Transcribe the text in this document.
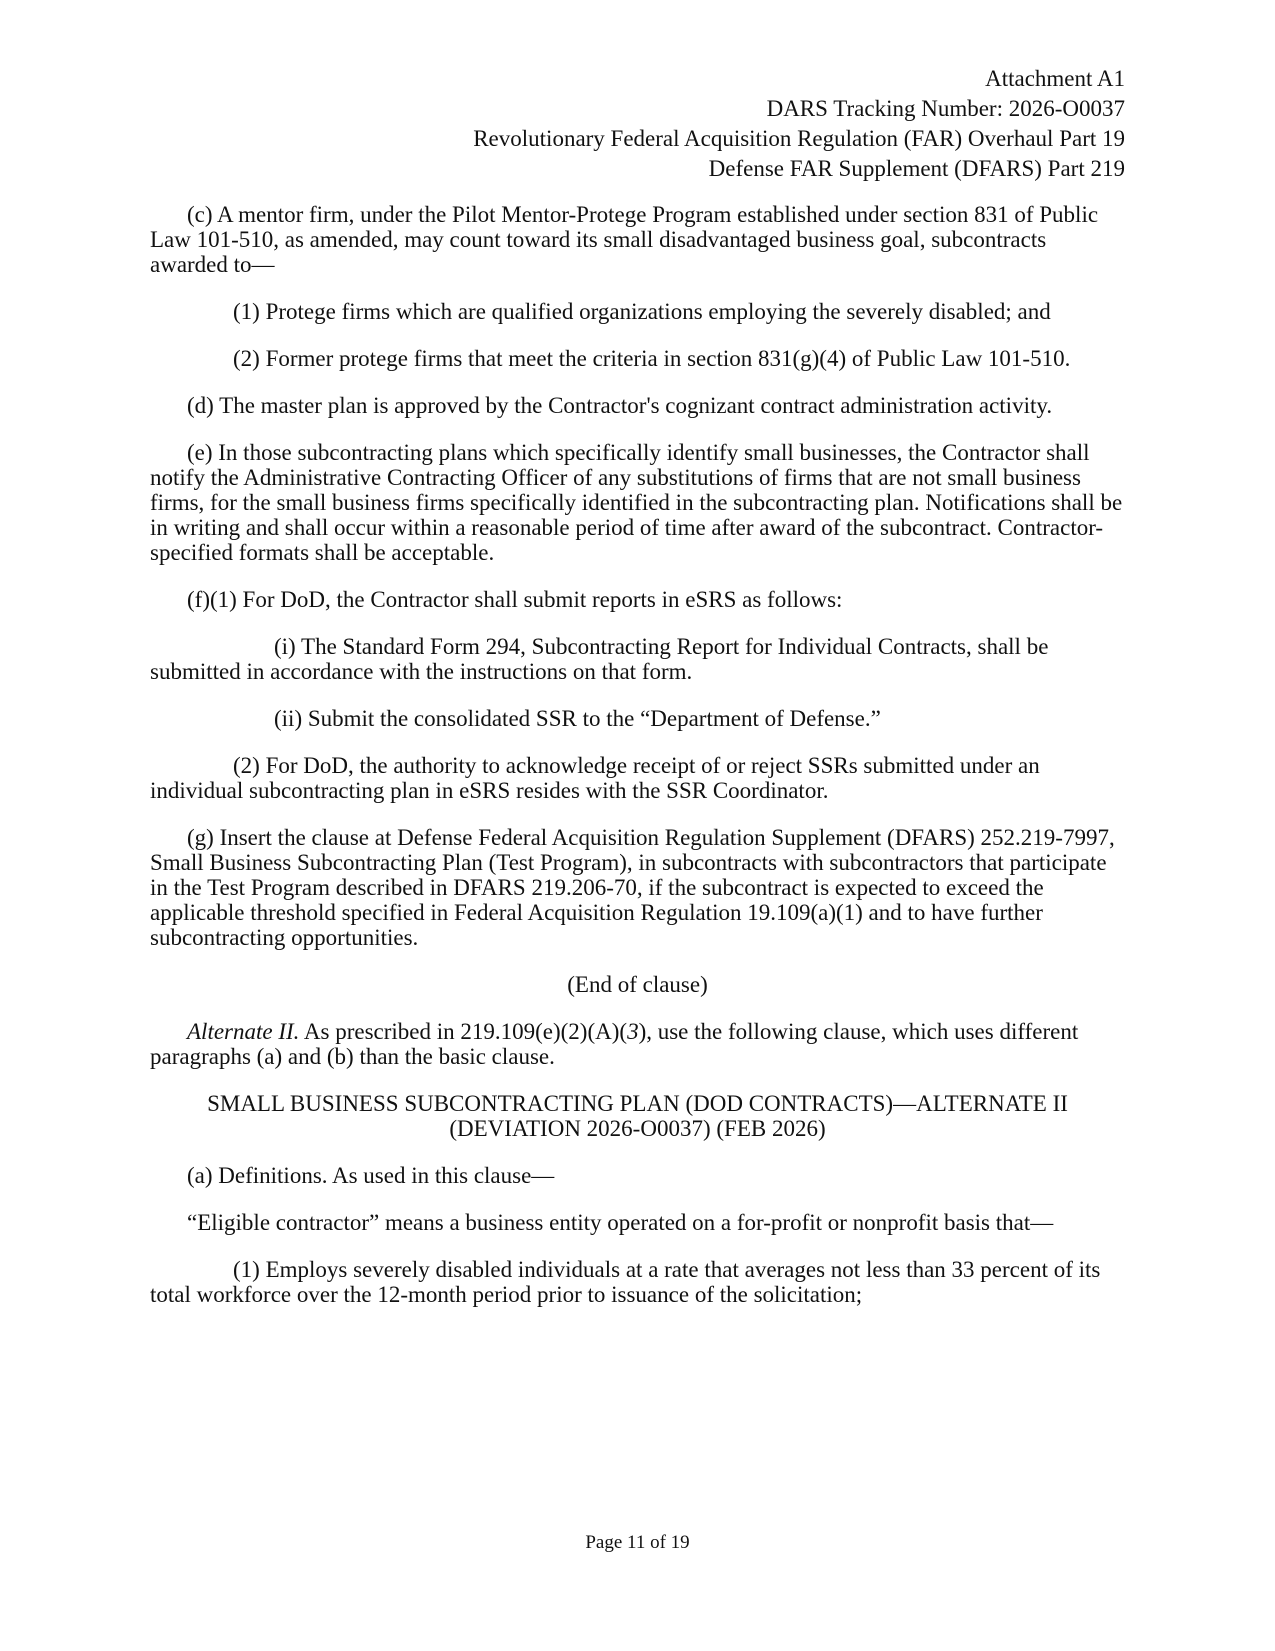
Attachment A1
DARS Tracking Number: 2026-O0037
Revolutionary Federal Acquisition Regulation (FAR) Overhaul Part 19
Defense FAR Supplement (DFARS) Part 219

(c) A mentor firm, under the Pilot Mentor-Protege Program established under section 831 of Public Law 101-510, as amended, may count toward its small disadvantaged business goal, subcontracts awarded to—

(1) Protege firms which are qualified organizations employing the severely disabled; and

(2) Former protege firms that meet the criteria in section 831(g)(4) of Public Law 101-510.

(d) The master plan is approved by the Contractor's cognizant contract administration activity.

(e) In those subcontracting plans which specifically identify small businesses, the Contractor shall notify the Administrative Contracting Officer of any substitutions of firms that are not small business firms, for the small business firms specifically identified in the subcontracting plan. Notifications shall be in writing and shall occur within a reasonable period of time after award of the subcontract. Contractor-specified formats shall be acceptable.

(f)(1) For DoD, the Contractor shall submit reports in eSRS as follows:

(i) The Standard Form 294, Subcontracting Report for Individual Contracts, shall be submitted in accordance with the instructions on that form.

(ii) Submit the consolidated SSR to the “Department of Defense.”

(2) For DoD, the authority to acknowledge receipt of or reject SSRs submitted under an individual subcontracting plan in eSRS resides with the SSR Coordinator.

(g) Insert the clause at Defense Federal Acquisition Regulation Supplement (DFARS) 252.219-7997, Small Business Subcontracting Plan (Test Program), in subcontracts with subcontractors that participate in the Test Program described in DFARS 219.206-70, if the subcontract is expected to exceed the applicable threshold specified in Federal Acquisition Regulation 19.109(a)(1) and to have further subcontracting opportunities.

(End of clause)

Alternate II. As prescribed in 219.109(e)(2)(A)(3), use the following clause, which uses different paragraphs (a) and (b) than the basic clause.

SMALL BUSINESS SUBCONTRACTING PLAN (DOD CONTRACTS)—ALTERNATE II (DEVIATION 2026-O0037) (FEB 2026)

(a) Definitions. As used in this clause—

“Eligible contractor” means a business entity operated on a for-profit or nonprofit basis that—

(1) Employs severely disabled individuals at a rate that averages not less than 33 percent of its total workforce over the 12-month period prior to issuance of the solicitation;

Page 11 of 19
